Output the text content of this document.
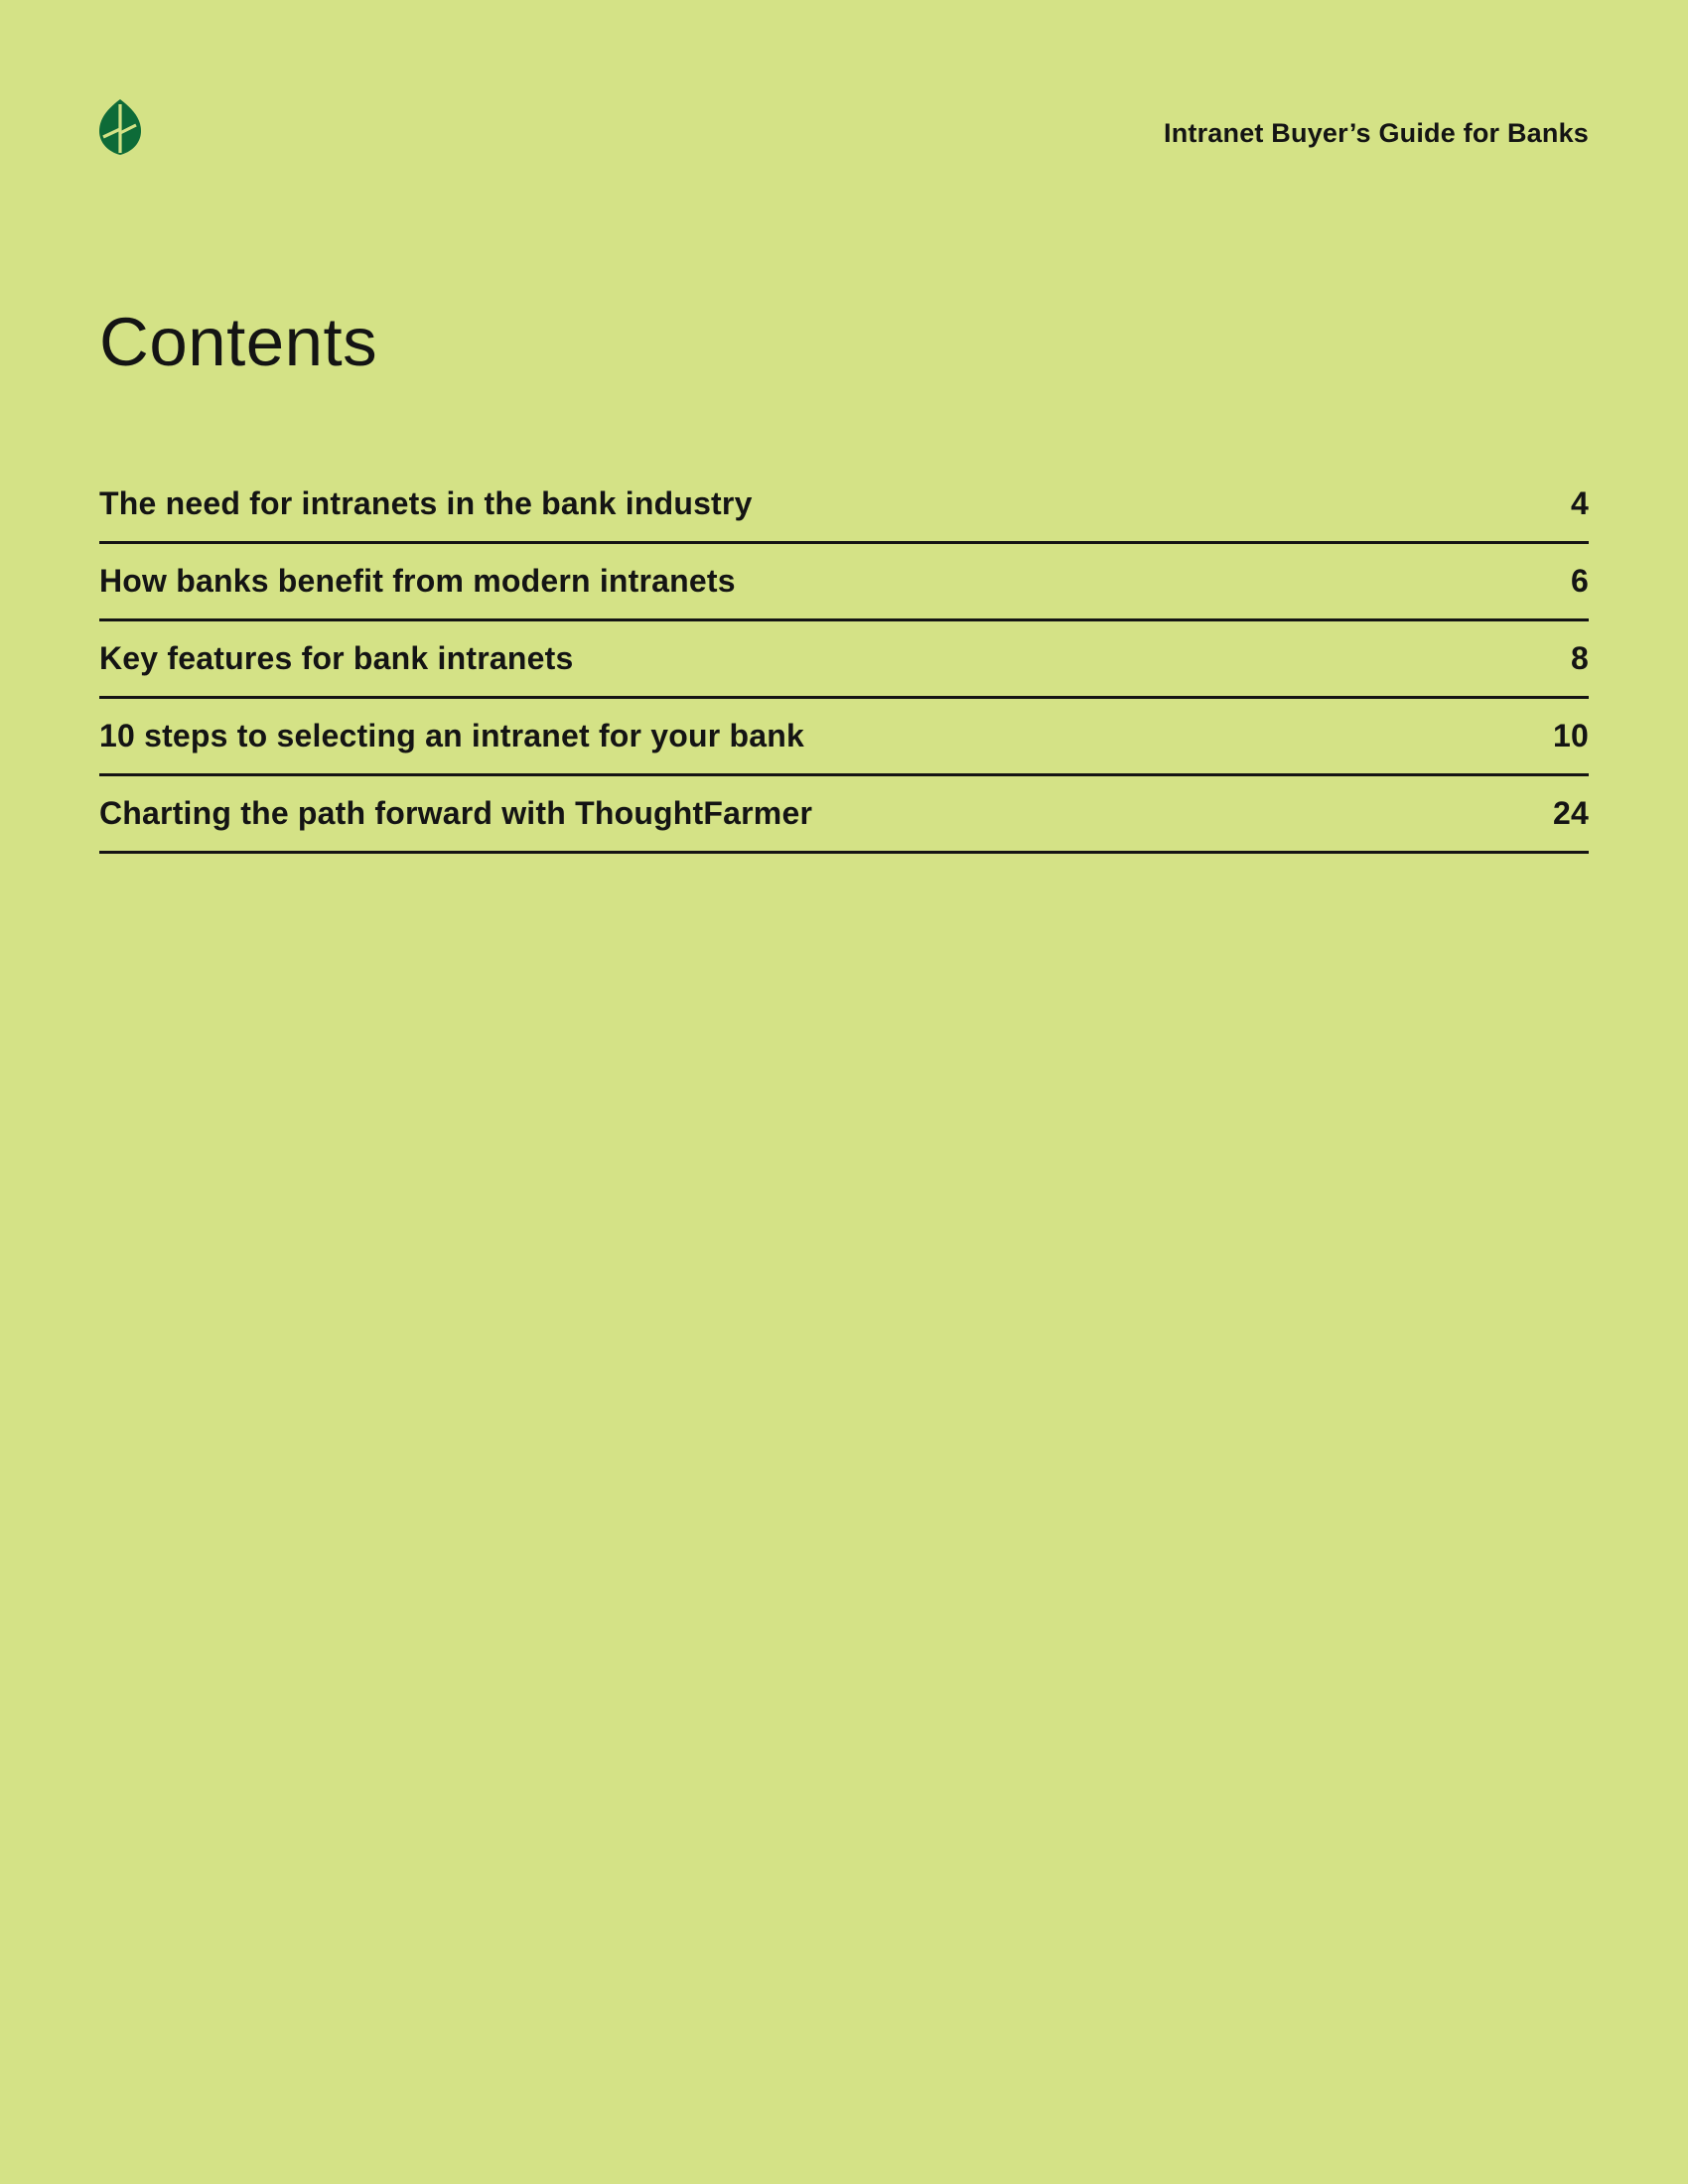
Intranet Buyer’s Guide for Banks
Contents
The need for intranets in the bank industry	4
How banks benefit from modern intranets	6
Key features for bank intranets	8
10 steps to selecting an intranet for your bank	10
Charting the path forward with ThoughtFarmer	24
